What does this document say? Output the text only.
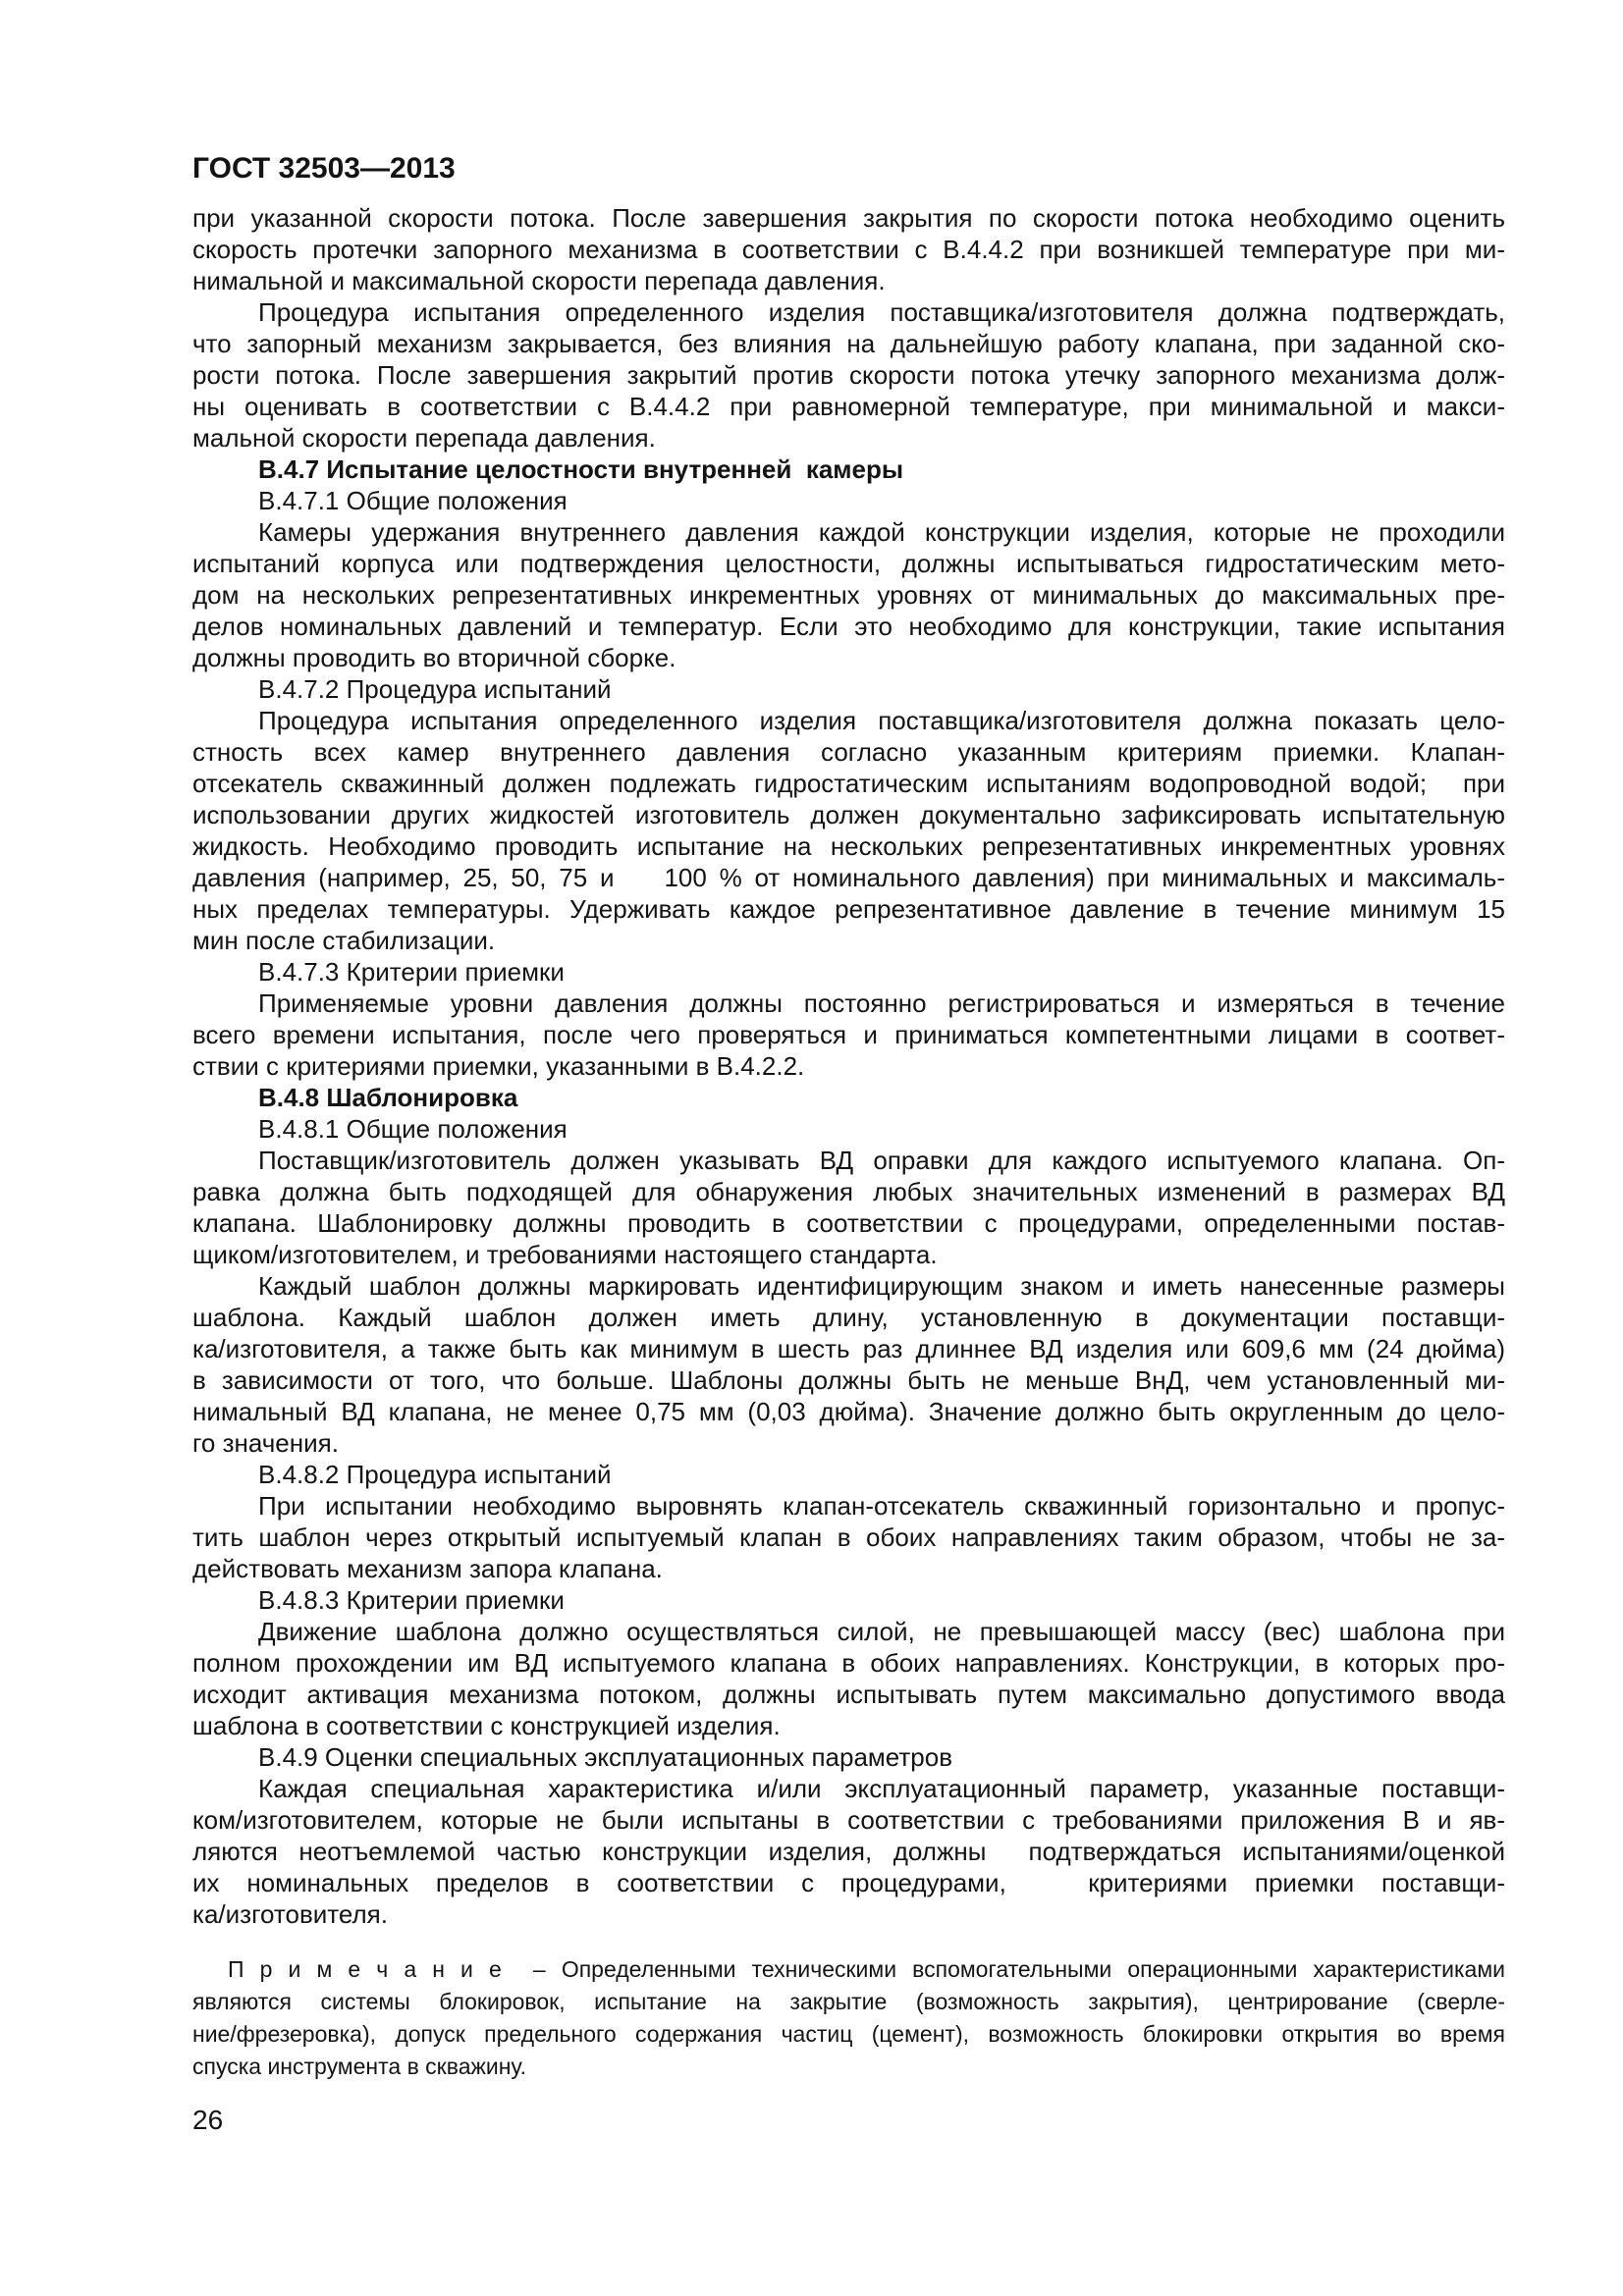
ГОСТ 32503—2013
при указанной скорости потока. После завершения закрытия по скорости потока необходимо оценить
скорость протечки запорного механизма в соответствии с В.4.4.2 при возникшей температуре при ми-
нимальной и максимальной скорости перепада давления.
Процедура испытания определенного изделия поставщика/изготовителя должна подтверждать,
что запорный механизм закрывается, без влияния на дальнейшую работу клапана, при заданной ско-
рости потока. После завершения закрытий против скорости потока утечку запорного механизма долж-
ны оценивать в соответствии с В.4.4.2 при равномерной температуре, при минимальной и макси-
мальной скорости перепада давления.
В.4.7 Испытание целостности внутренней  камеры
В.4.7.1 Общие положения
Камеры удержания внутреннего давления каждой конструкции изделия, которые не проходили
испытаний корпуса или подтверждения целостности, должны испытываться гидростатическим мето-
дом на нескольких репрезентативных инкрементных уровнях от минимальных до максимальных пре-
делов номинальных давлений и температур. Если это необходимо для конструкции, такие испытания
должны проводить во вторичной сборке.
В.4.7.2 Процедура испытаний
Процедура испытания определенного изделия поставщика/изготовителя должна показать цело-
стность всех камер внутреннего давления согласно указанным критериям приемки. Клапан-
отсекатель скважинный должен подлежать гидростатическим испытаниям водопроводной водой;  при
использовании других жидкостей изготовитель должен документально зафиксировать испытательную
жидкость. Необходимо проводить испытание на нескольких репрезентативных инкрементных уровнях
давления (например, 25, 50, 75 и    100 % от номинального давления) при минимальных и максималь-
ных пределах температуры. Удерживать каждое репрезентативное давление в течение минимум 15
мин после стабилизации.
В.4.7.3 Критерии приемки
Применяемые уровни давления должны постоянно регистрироваться и измеряться в течение
всего времени испытания, после чего проверяться и приниматься компетентными лицами в соответ-
ствии с критериями приемки, указанными в В.4.2.2.
В.4.8 Шаблонировка
В.4.8.1 Общие положения
Поставщик/изготовитель должен указывать ВД оправки для каждого испытуемого клапана. Оп-
равка должна быть подходящей для обнаружения любых значительных изменений в размерах ВД
клапана. Шаблонировку должны проводить в соответствии с процедурами, определенными постав-
щиком/изготовителем, и требованиями настоящего стандарта.
Каждый шаблон должны маркировать идентифицирующим знаком и иметь нанесенные размеры
шаблона. Каждый шаблон должен иметь длину, установленную в документации поставщи-
ка/изготовителя, а также быть как минимум в шесть раз длиннее ВД изделия или 609,6 мм (24 дюйма)
в зависимости от того, что больше. Шаблоны должны быть не меньше ВнД, чем установленный ми-
нимальный ВД клапана, не менее 0,75 мм (0,03 дюйма). Значение должно быть округленным до цело-
го значения.
В.4.8.2 Процедура испытаний
При испытании необходимо выровнять клапан-отсекатель скважинный горизонтально и пропус-
тить шаблон через открытый испытуемый клапан в обоих направлениях таким образом, чтобы не за-
действовать механизм запора клапана.
В.4.8.3 Критерии приемки
Движение шаблона должно осуществляться силой, не превышающей массу (вес) шаблона при
полном прохождении им ВД испытуемого клапана в обоих направлениях. Конструкции, в которых про-
исходит активация механизма потоком, должны испытывать путем максимально допустимого ввода
шаблона в соответствии с конструкцией изделия.
В.4.9 Оценки специальных эксплуатационных параметров
Каждая специальная характеристика и/или эксплуатационный параметр, указанные поставщи-
ком/изготовителем, которые не были испытаны в соответствии с требованиями приложения В и яв-
ляются неотъемлемой частью конструкции изделия, должны  подтверждаться испытаниями/оценкой
их номинальных пределов в соответствии с процедурами,   критериями приемки поставщи-
ка/изготовителя.
П р и м е ч а н и е  – Определенными техническими вспомогательными операционными характеристиками
являются системы блокировок, испытание на закрытие (возможность закрытия), центрирование (сверле-
ние/фрезеровка), допуск предельного содержания частиц (цемент), возможность блокировки открытия во время
спуска инструмента в скважину.
26
